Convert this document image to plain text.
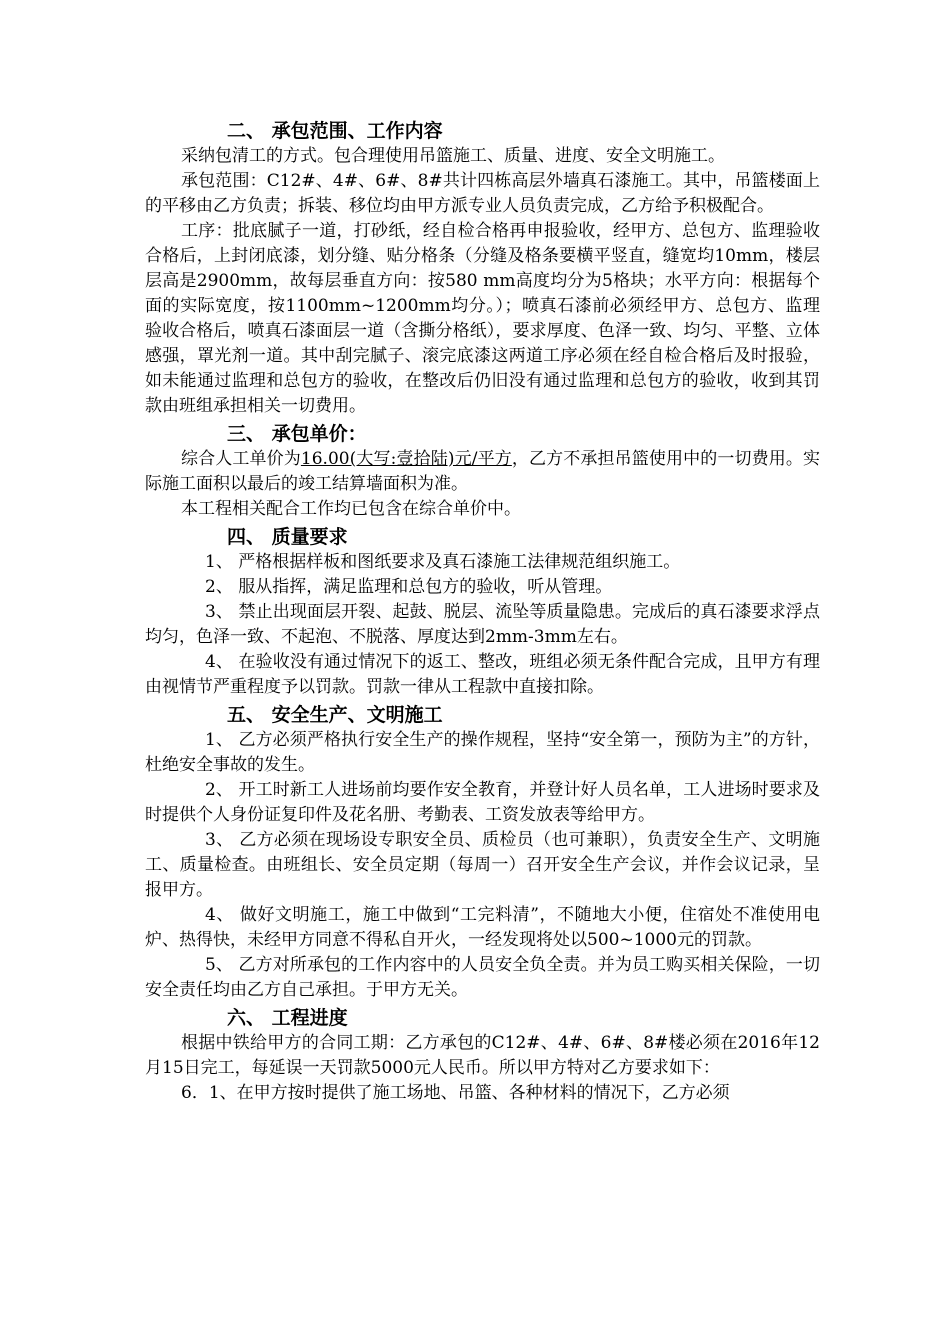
二、 承包范围、工作内容

采纳包清工的方式。包合理使用吊篮施工、质量、进度、安全文明施工。

承包范围：C12#、4#、6#、8#共计四栋高层外墙真石漆施工。其中，吊篮楼面上的平移由乙方负责；拆装、移位均由甲方派专业人员负责完成，乙方给予积极配合。

工序：批底腻子一道，打砂纸，经自检合格再申报验收，经甲方、总包方、监理验收合格后，上封闭底漆，划分缝、贴分格条（分缝及格条要横平竖直，缝宽均10mm，楼层层高是2900mm，故每层垂直方向：按580 mm高度均分为5格块；水平方向：根据每个面的实际宽度，按1100mm~1200mm均分。）；喷真石漆前必须经甲方、总包方、监理验收合格后，喷真石漆面层一道（含撕分格纸），要求厚度、色泽一致、均匀、平整、立体感强，罩光剂一道。其中刮完腻子、滚完底漆这两道工序必须在经自检合格后及时报验，如未能通过监理和总包方的验收，在整改后仍旧没有通过监理和总包方的验收，收到其罚款由班组承担相关一切费用。

三、 承包单价：

综合人工单价为16.00(大写:壹拾陆)元/平方，乙方不承担吊篮使用中的一切费用。实际施工面积以最后的竣工结算墙面积为准。

本工程相关配合工作均已包含在综合单价中。

四、 质量要求

1、 严格根据样板和图纸要求及真石漆施工法律规范组织施工。

2、 服从指挥，满足监理和总包方的验收，听从管理。

3、 禁止出现面层开裂、起鼓、脱层、流坠等质量隐患。完成后的真石漆要求浮点均匀，色泽一致、不起泡、不脱落、厚度达到2mm-3mm左右。

4、 在验收没有通过情况下的返工、整改，班组必须无条件配合完成，且甲方有理由视情节严重程度予以罚款。罚款一律从工程款中直接扣除。

五、 安全生产、文明施工

1、 乙方必须严格执行安全生产的操作规程，坚持“安全第一，预防为主”的方针，杜绝安全事故的发生。

2、 开工时新工人进场前均要作安全教育，并登计好人员名单，工人进场时要求及时提供个人身份证复印件及花名册、考勤表、工资发放表等给甲方。

3、 乙方必须在现场设专职安全员、质检员（也可兼职），负责安全生产、文明施工、质量检查。由班组长、安全员定期（每周一）召开安全生产会议，并作会议记录，呈报甲方。

4、 做好文明施工，施工中做到“工完料清”，不随地大小便，住宿处不准使用电炉、热得快，未经甲方同意不得私自开火，一经发现将处以500~1000元的罚款。

5、 乙方对所承包的工作内容中的人员安全负全责。并为员工购买相关保险，一切安全责任均由乙方自己承担。于甲方无关。

六、 工程进度

根据中铁给甲方的合同工期：乙方承包的C12#、4#、6#、8#楼必须在2016年12月15日完工，每延误一天罚款5000元人民币。所以甲方特对乙方要求如下：

6．1、在甲方按时提供了施工场地、吊篮、各种材料的情况下，乙方必须
